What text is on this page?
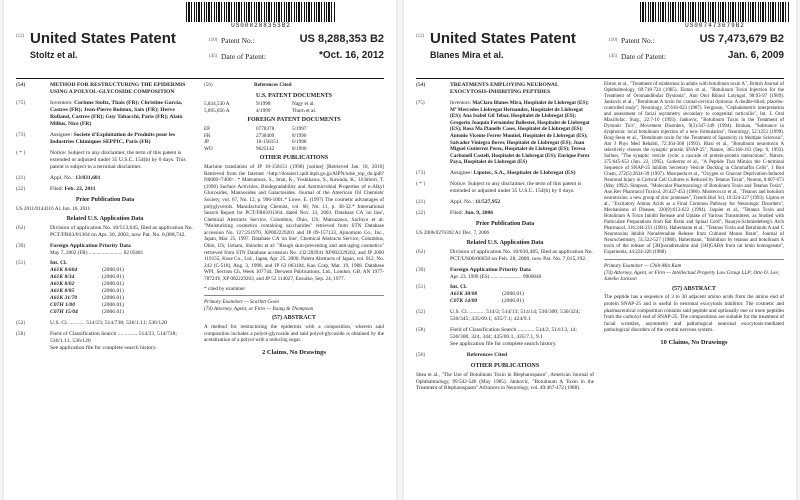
US008288353B2
(12) United States Patent
Stoltz et al.
(10) Patent No.:	US 8,288,353 B2
(45) Date of Patent:	*Oct. 16, 2012
(54)	METHOD FOR RESTRUCTURING THE EPIDERMIS USING A POLYOL-GLYCOSIDE COMPOSITION
(75)	Inventors: Corinne Stoltz, Thais (FR); Christine Garcia, Castres (FR); Jean-Pierre Boiteux, Saix (FR); Herve Rolland, Castres (FR); Guy Tabacchi, Paris (FR); Alain Millus, Nice (FR)
(73)	Assignee: Societe d'Exploitation de Produits pour les Industries Chimiques SEPPIC, Paris (FR)
( * )	Notice: Subject to any disclaimer, the term of this patent is extended or adjusted under 35 U.S.C. 154(b) by 0 days. This patent is subject to a terminal disclaimer.
(21)	Appl. No.: 13/031,681
(22)	Filed: Feb. 22, 2011
Prior Publication Data
US 2011/0144316 A1 Jun. 16, 2011
Related U.S. Application Data
(62)	Division of application No. 10/513,645, filed as application No. PCT/FR03/01364 on Apr. 30, 2003, now Pat. No. 8,088,742.
(30)	Foreign Application Priority Data
May 7, 2002 (FR) .......................... 02 05681
(51)	Int. Cl.
A61K 8/604	(2006.01)
A61K 8/34	(2006.01)
A61K 8/02	(2006.01)
A61K 8/85	(2006.01)
A61K 31/70	(2006.01)
C07H 1/00	(2006.01)
C07H 15/04	(2006.01)
(52)	U.S. Cl. ........... 514/23; 514/738; 536/1.11; 536/120
(58)	Field of Classification Search .............. 514/23, 514/738; 536/1.11, 536/120
See application file for complete search history.
(56)	References Cited
U.S. PATENT DOCUMENTS
5,834,530 A	9/1998	Nagy et al.
5,895,856 A	4/1999	Thurn et al.
FOREIGN PATENT DOCUMENTS
EP	0770378	5/1997
FR	2730409	8/1996
JP	10-158151	6/1998
WO	9625142	8/1996
OTHER PUBLICATIONS
Machine translation of JP 10-158151 (1998) [online] [Retrieved Jan. 18, 2010] Retrieved from the Internet <http://dossier1.ipdl.inpit.go.jp/AIPN/odse_top_dn.ipdl?N0000=7400>. * Matsumura, S., Imai, K., Yoshikawa, S., Kawada, K., Uchibori, T. (1990) Surface Activities, Biodegradability and Antimicrobial Properties of n-Alkyl Glucosides, Mannosides and Galactosides. Journal of the American Oil Chemists' Society, vol. 67, No. 12, p. 996-1001.* Lowe, E. (1997) The cosmetic advantages of polyglycerols. Manufacturing Chemist, vol. 68, No. 11, p. 38-32.* International Search Report for PCT/FR03/01364, dated Nov. 13, 2003. Database CA 'on line', Chemical Abstracts Service, Columbus, Ohio, US; Matsuzawa, Sachiyo et al: "Moisturizing cosmetics containing saccharides" retrieved from STN Database accession No. 127:251970, XP002229201 and JP 09-157133, Ajinomoto Co., Inc., Japan, Mar. 25, 1997. Database CA 'on line', Chemical Abstracts Service, Columbus, Ohio, US; Uehara, Shinobu et al: "Rough skin-preventing and anti-aging cosmetics" retrieved from STN Database accession No. 132:283941 XP002229202, and JP 2000 119155, Kose Co., Ltd., Japan, Apr. 25, 2000. Patent Abstracts of Japan, vol. 012, No. 243 (C-518), Aug. 3, 1998, and JP 63 063184, Kao Corp, Mar. 19, 1988. Database WPI, Section Ch, Week 107744, Derwent Publications, Ltd., London, GB, AN 1977-78724Y, XP 002229203, and JP 52 114027, Ensuiko, Sep. 24, 1977.
* cited by examiner
Primary Examiner — Scarlett Goon
(74) Attorney, Agent, or Firm — Young & Thompson
(57) ABSTRACT
A method for restructuring the epidermis with a composition, wherein said composition includes a polyol-glycoside and said polyol-glycoside is obtained by the acetalization of a polyol with a reducing sugar.
2 Claims, No Drawings
US007473679B2
(12) United States Patent
Blanes Mira et al.
(10) Patent No.:	US 7,473,679 B2
(45) Date of Patent:	Jan. 6, 2009
(54)	TREATMENTS EMPLOYING NEURONAL EXOCYTOSIS-INHIBITING PEPTIDES
(75)	Inventors: MaClara Blanes Mira, Hospitalet de Llobregat (ES); Mª Mercedes Llobregat Hernandez, Hospitalet de Llobregat (ES); Ana Isabel Gil Tebar, Hospitalet de Llobregat (ES); Gregorio Joaquín Fernández Ballester, Hospitalet de Llobregat (ES); Rosa Ma Planells Cases, Hospitalet de Llobregat (ES); Antonio Vicente Ferrer Montiel, Hospitalet de Llobregat (ES); Salvador Viniegra Bover, Hospitalet de Llobregat (ES); Juan Miguel Gutierrez Perez, Hospitalet de Llobregat (ES); Teresa Carbonell Castell, Hospitalet de Llobregat (ES); Enrique Perez Paya, Hospitalet de Llobregat (ES)
(73)	Assignee: Lipotec, S.A., Hospitalet de Llobregat (ES)
( * )	Notice: Subject to any disclaimer, the term of this patent is extended or adjusted under 35 U.S.C. 154(b) by 0 days.
(21)	Appl. No.: 11/527,952
(22)	Filed: Jun. 9, 2006
Prior Publication Data
US 2006/0276392 A1 Dec. 7, 2006
Related U.S. Application Data
(62)	Division of application No. 10/030,485, filed as application No. PCT/US00/06058 on Feb. 28, 2000, now Pat. No. 7,015,192.
(30)	Foreign Application Priority Data
Apr. 23, 1999 (ES) ........................ 9900848
(51)	Int. Cl.
A61K 38/08	(2006.01)
C07K 14/00	(2006.01)
(52)	U.S. Cl. ........... 514/2; 514/13; 514/14; 530/300; 530/324; 530/345; 435/69.1; 435/7.1; 424/9.1
(58)	Field of Classification Search ............ 514/2, 514/13, 14; 530/300, 324, 344; 435/69.1, 435/7.1, 9.1
See application file for complete search history.
(56)	References Cited
OTHER PUBLICATIONS
Shea et al., "The Use of Botulinum Toxin in Blepharospasm", American Journal of Ophthalmology, 99:542-546 (May 1985). Jankovic, "Botulinum A Toxin in the Treatment of Blepharospasm" Advances in Neurology, vol. 49:467-472 (1988).
Elston et al., "Treatment of strabismus in adults with botulinum toxin A", British Journal of Ophthalmology, 69:718-724 (1985). Elston et al., "Botulinum Toxin Injection for the Treatment of Oromandibular Dystonia", Ann Otol Rhinol Laryngol, 98:93-97 (1989). Jankovic et al., "Botulinum A toxin for cranial-cervical dystonia: A double-blind, placebo-controlled study", Neurology, 37:616-623 (1987). Ferguson, "Cephalometric interpretation and assessment of facial asymmetry secondary to congenital torticollis", Int. J. Oral Maxillofac. Surg., 22:7-10 (1993). Jankovic, "Botulinum Toxin in the Treatment of Dystonic Tics", Movement Disorders, 9(3):347-349 (1994). Brohan, "Substance in dysphonia: local botulinum injection of a new formulation", Neurology, 52:1253 (1999). Borg-Stein et al., "Botulinum toxin for the Treatment of Spasticity in Multiple Sclerosis", Am J Phys Med Rehabil, 72:364-368 (1993). Blasi et al., "Botulinum neurotoxin A selectively cleaves the synaptic protein SNAP-25", Nature, 365:160-163 (Sep. 9, 1993). Sollner, "The synaptic vesicle cycle: a cascade of protein-protein interactions", Nature, 375:645-653 (Jun. 22, 1995). Gutierrez et al., "A Peptide That Mimics the C-terminal Sequence of SNAP-25 Inhibits Secretory Vesicle Docking in Chromaffin Cells", J Biol Chem, 272(5):2634-39 (1997). Mosqueda et al., "Oxygen or Glucose Deprivation-Induced Neuronal Injury in Cortical Cell Cultures is Reduced by Tetanus Toxin", Neuron, 8:667-673 (May 1992). Simpson, "Molecular Pharmacology of Botulinum Toxin and Tetanus Toxin", Ann Rev Pharmacol Toxicol, 26:427-453 (1986). Montecucco et al., "Tetanus and botulism neurotoxins: a new group of zinc proteases", Trends Biol Sci, 18:324-327 (1993). Lipton et al., "Excitatory Amino Acids as a Final Common Pathway for Neurologic Disorders", Mechanisms of Disease, 330(9):613-622 (1994). Jaquier et al., "Tetanus Toxin and Botulinum A Toxin Inhibit Release and Uptake of Various Transmitters, as Studied with Particulate Preparations from Rat Brain and Spinal Cord", Naunyn-Schmiedeberg's Arch Pharmacol, 316:244-251 (1981). Habermann et al., "Tetanus Toxin and Botulinum A and C Neurotoxins Inhibit Noradrenaline Release from Cultured Mouse Brain", Journal of Neurochemistry, 51:522-527 (1988). Habermann, "Inhibition by tetanus and botulinum A toxin of the release of [3H]noradrenaline and [3H]GABA from rat brain homogenate", Experientia, 44:224-226 (1988).
Primary Examiner — Chih-Min Kam
(74) Attorney, Agent, or Firm — Intellectual Property Law Group LLP; Otto O. Lee; Juneko Jackson
(57) ABSTRACT
The peptide has a sequence of 3 to 30 adjacent amino acids from the amino end of protein SNAP-25 and is useful in neuronal exocytosis inhibitor. The cosmetic and pharmaceutical composition contains said peptide and optionally one or more peptides from the carboxyl end of SNAP-25. The compositions are suitable for the treatment of facial wrinkles, asymmetry and pathological neuronal exocytosis-mediated pathological disorders of the central nervous system.
10 Claims, No Drawings
